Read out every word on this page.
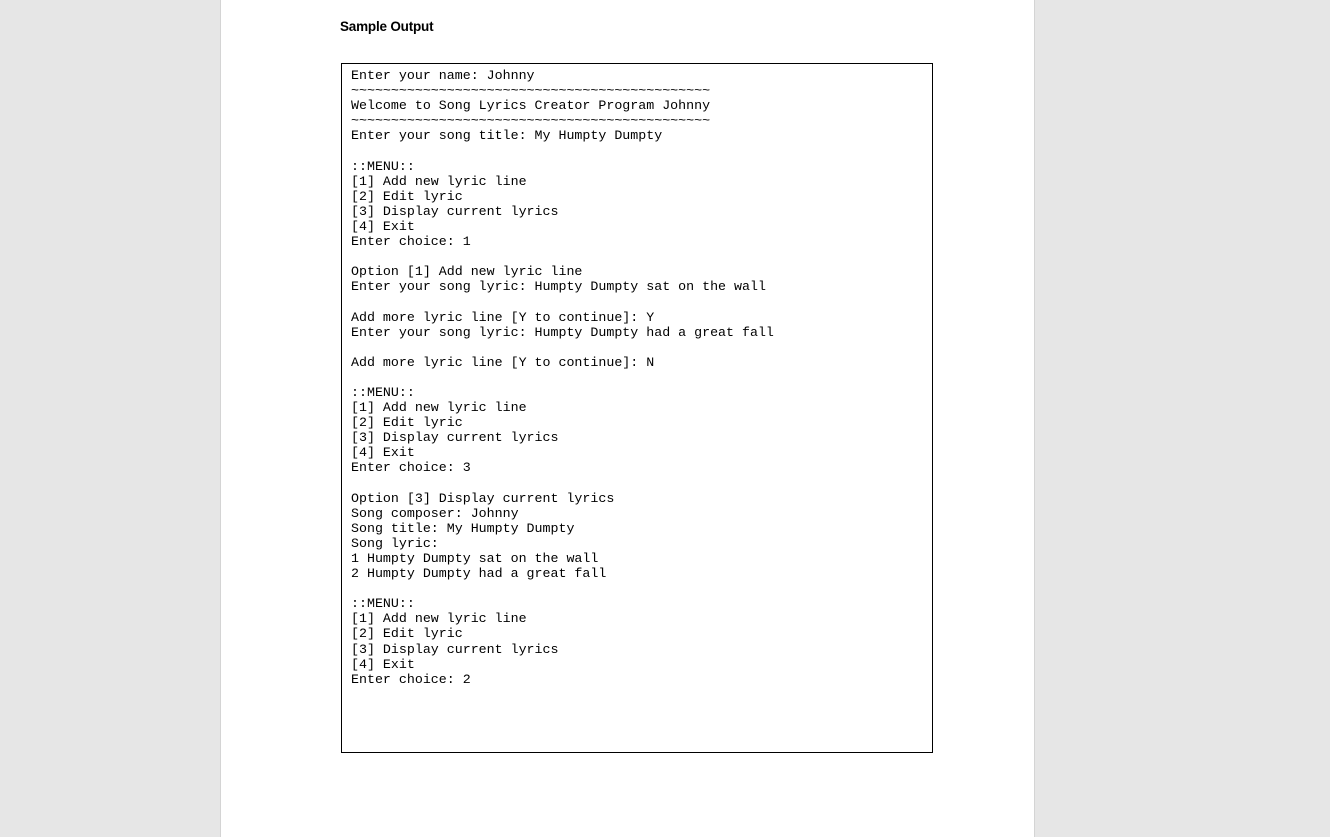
Sample Output
Enter your name: Johnny
~~~~~~~~~~~~~~~~~~~~~~~~~~~~~~~~~~~~~~~~~~~~~
Welcome to Song Lyrics Creator Program Johnny
~~~~~~~~~~~~~~~~~~~~~~~~~~~~~~~~~~~~~~~~~~~~~
Enter your song title: My Humpty Dumpty
::MENU::
[1] Add new lyric line
[2] Edit lyric
[3] Display current lyrics
[4] Exit
Enter choice: 1
Option [1] Add new lyric line
Enter your song lyric: Humpty Dumpty sat on the wall
Add more lyric line [Y to continue]: Y
Enter your song lyric: Humpty Dumpty had a great fall
Add more lyric line [Y to continue]: N
::MENU::
[1] Add new lyric line
[2] Edit lyric
[3] Display current lyrics
[4] Exit
Enter choice: 3
Option [3] Display current lyrics
Song composer: Johnny
Song title: My Humpty Dumpty
Song lyric:
1 Humpty Dumpty sat on the wall
2 Humpty Dumpty had a great fall
::MENU::
[1] Add new lyric line
[2] Edit lyric
[3] Display current lyrics
[4] Exit
Enter choice: 2
